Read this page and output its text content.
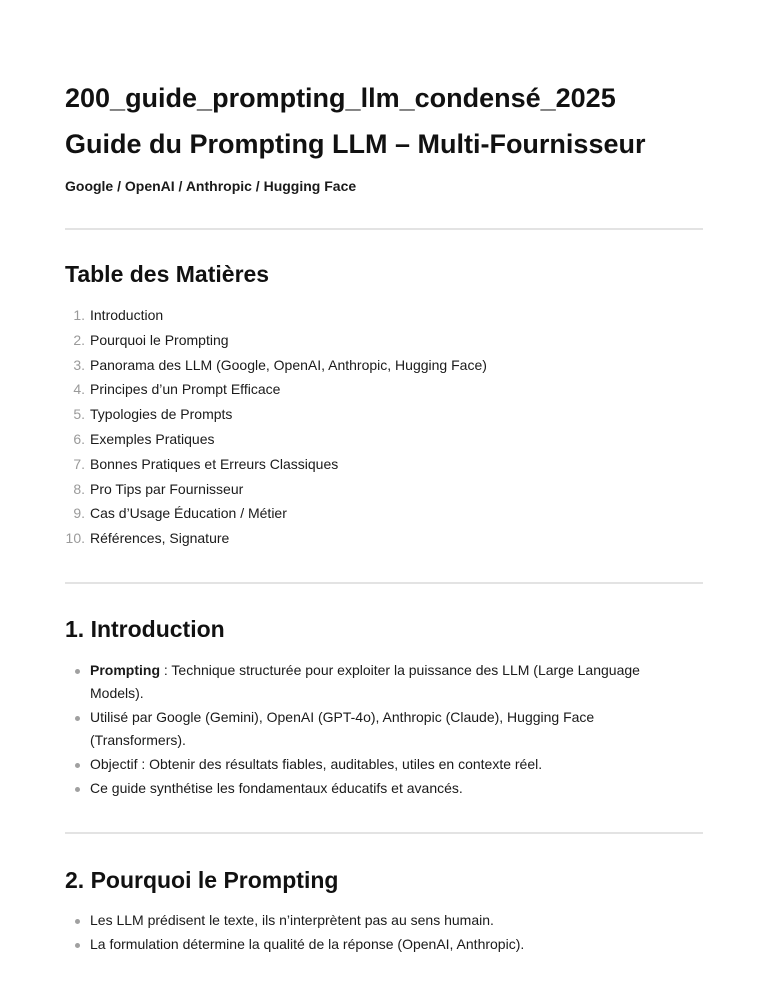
200_guide_prompting_llm_condensé_2025
Guide du Prompting LLM – Multi-Fournisseur
Google / OpenAI / Anthropic / Hugging Face
Table des Matières
1. Introduction
2. Pourquoi le Prompting
3. Panorama des LLM (Google, OpenAI, Anthropic, Hugging Face)
4. Principes d’un Prompt Efficace
5. Typologies de Prompts
6. Exemples Pratiques
7. Bonnes Pratiques et Erreurs Classiques
8. Pro Tips par Fournisseur
9. Cas d’Usage Éducation / Métier
10. Références, Signature
1. Introduction
Prompting : Technique structurée pour exploiter la puissance des LLM (Large Language Models).
Utilisé par Google (Gemini), OpenAI (GPT-4o), Anthropic (Claude), Hugging Face (Transformers).
Objectif : Obtenir des résultats fiables, auditables, utiles en contexte réel.
Ce guide synthétise les fondamentaux éducatifs et avancés.
2. Pourquoi le Prompting
Les LLM prédisent le texte, ils n’interprètent pas au sens humain.
La formulation détermine la qualité de la réponse (OpenAI, Anthropic).
